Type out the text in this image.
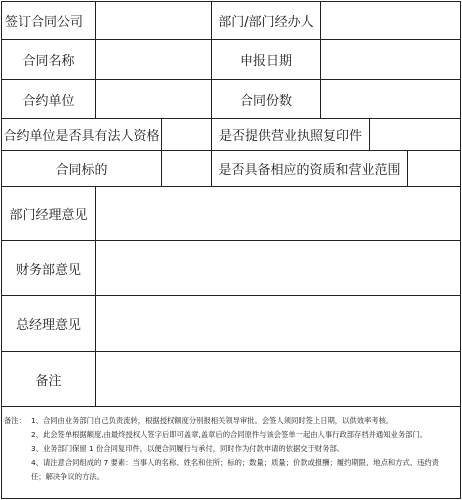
签订合同公司	部门/部门经办人
合同名称	申报日期
合约单位	合同份数
合约单位是否具有法人资格	是否提供营业执照复印件
合同标的	是否具备相应的资质和营业范围
部门经理意见
财务部意见
总经理意见
备注
备注： 1、合同由业务部门自己负责流转，根据授权额度分别报相关领导审批。会签人须同时签上日期，以供效率考核。
2、此会签单根据额度,由最终授权人签字后即可盖章,盖章后的合同原件与该会签单一起由人事行政部存档并通知业务部门。
3、业务部门保留 1 份合同复印件，以便合同履行与承付，同时作为付款申请的依据交于财务部。
4、请注意合同组成的 7 要素：当事人的名称、姓名和住所；标的；数量；质量；价款或报酬；履约期限、地点和方式、违约责
任；解决争议的方法。
